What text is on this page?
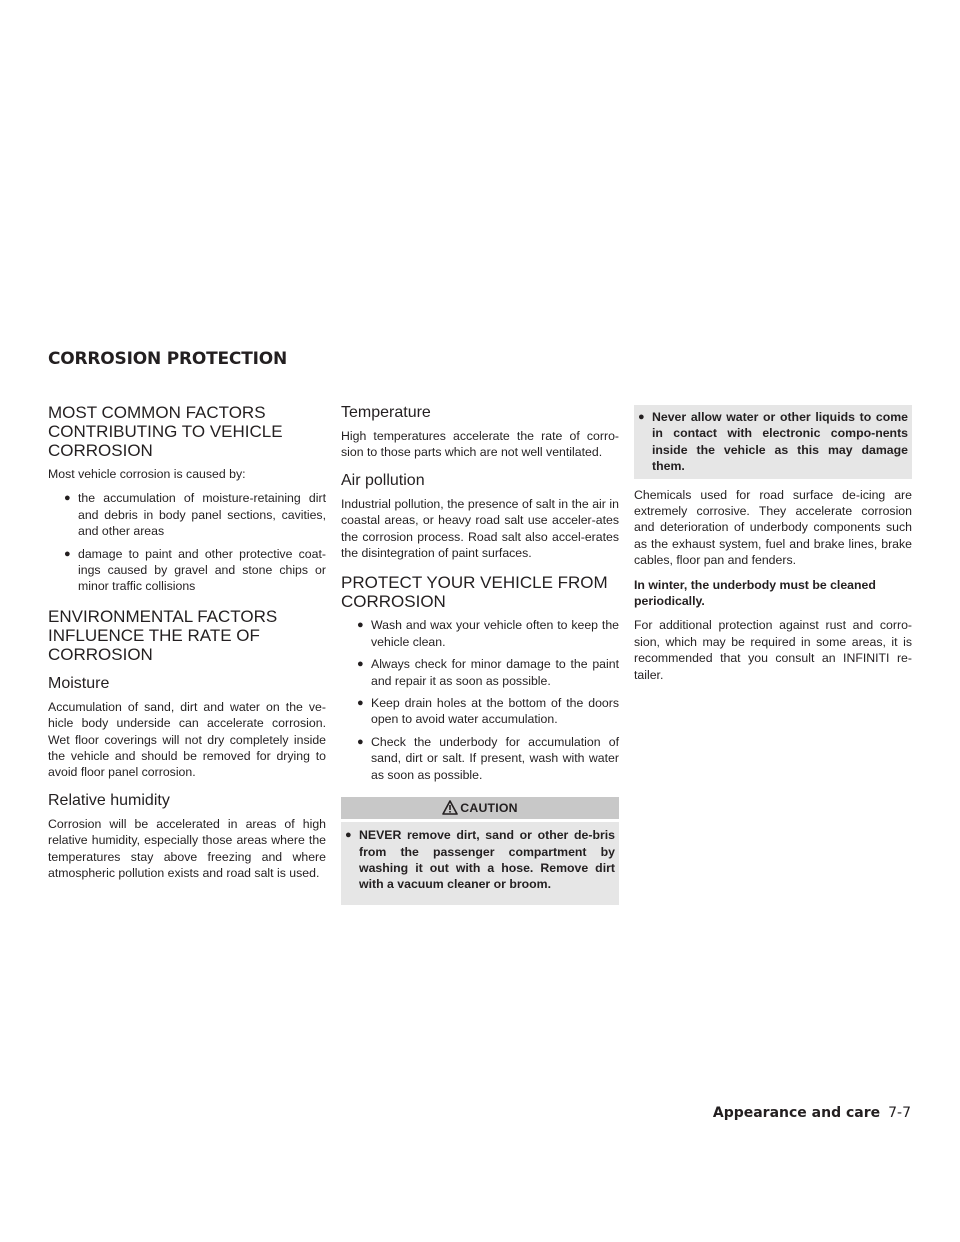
CORROSION PROTECTION
MOST COMMON FACTORS CONTRIBUTING TO VEHICLE CORROSION

Most vehicle corrosion is caused by:

● the accumulation of moisture-retaining dirt and debris in body panel sections, cavities, and other areas
● damage to paint and other protective coat-ings caused by gravel and stone chips or minor traffic collisions
ENVIRONMENTAL FACTORS INFLUENCE THE RATE OF CORROSION
Moisture

Accumulation of sand, dirt and water on the ve-hicle body underside can accelerate corrosion. Wet floor coverings will not dry completely inside the vehicle and should be removed for drying to avoid floor panel corrosion.

Relative humidity

Corrosion will be accelerated in areas of high relative humidity, especially those areas where the temperatures stay above freezing and where atmospheric pollution exists and road salt is used.

Temperature

High temperatures accelerate the rate of corro-sion to those parts which are not well ventilated.

Air pollution

Industrial pollution, the presence of salt in the air in coastal areas, or heavy road salt use acceler-ates the corrosion process. Road salt also accel-erates the disintegration of paint surfaces.

PROTECT YOUR VEHICLE FROM CORROSION
● Wash and wax your vehicle often to keep the vehicle clean.
● Always check for minor damage to the paint and repair it as soon as possible.
● Keep drain holes at the bottom of the doors open to avoid water accumulation.
● Check the underbody for accumulation of sand, dirt or salt. If present, wash with water as soon as possible.
CAUTION
● NEVER remove dirt, sand or other de-bris from the passenger compartment by washing it out with a hose. Remove dirt with a vacuum cleaner or broom.
● Never allow water or other liquids to come in contact with electronic compo-nents inside the vehicle as this may damage them.

Chemicals used for road surface de-icing are extremely corrosive. They accelerate corrosion and deterioration of underbody components such as the exhaust system, fuel and brake lines, brake cables, floor pan and fenders.

In winter, the underbody must be cleaned periodically.

For additional protection against rust and corro-sion, which may be required in some areas, it is recommended that you consult an INFINITI re-tailer.

Appearance and care 7-7
